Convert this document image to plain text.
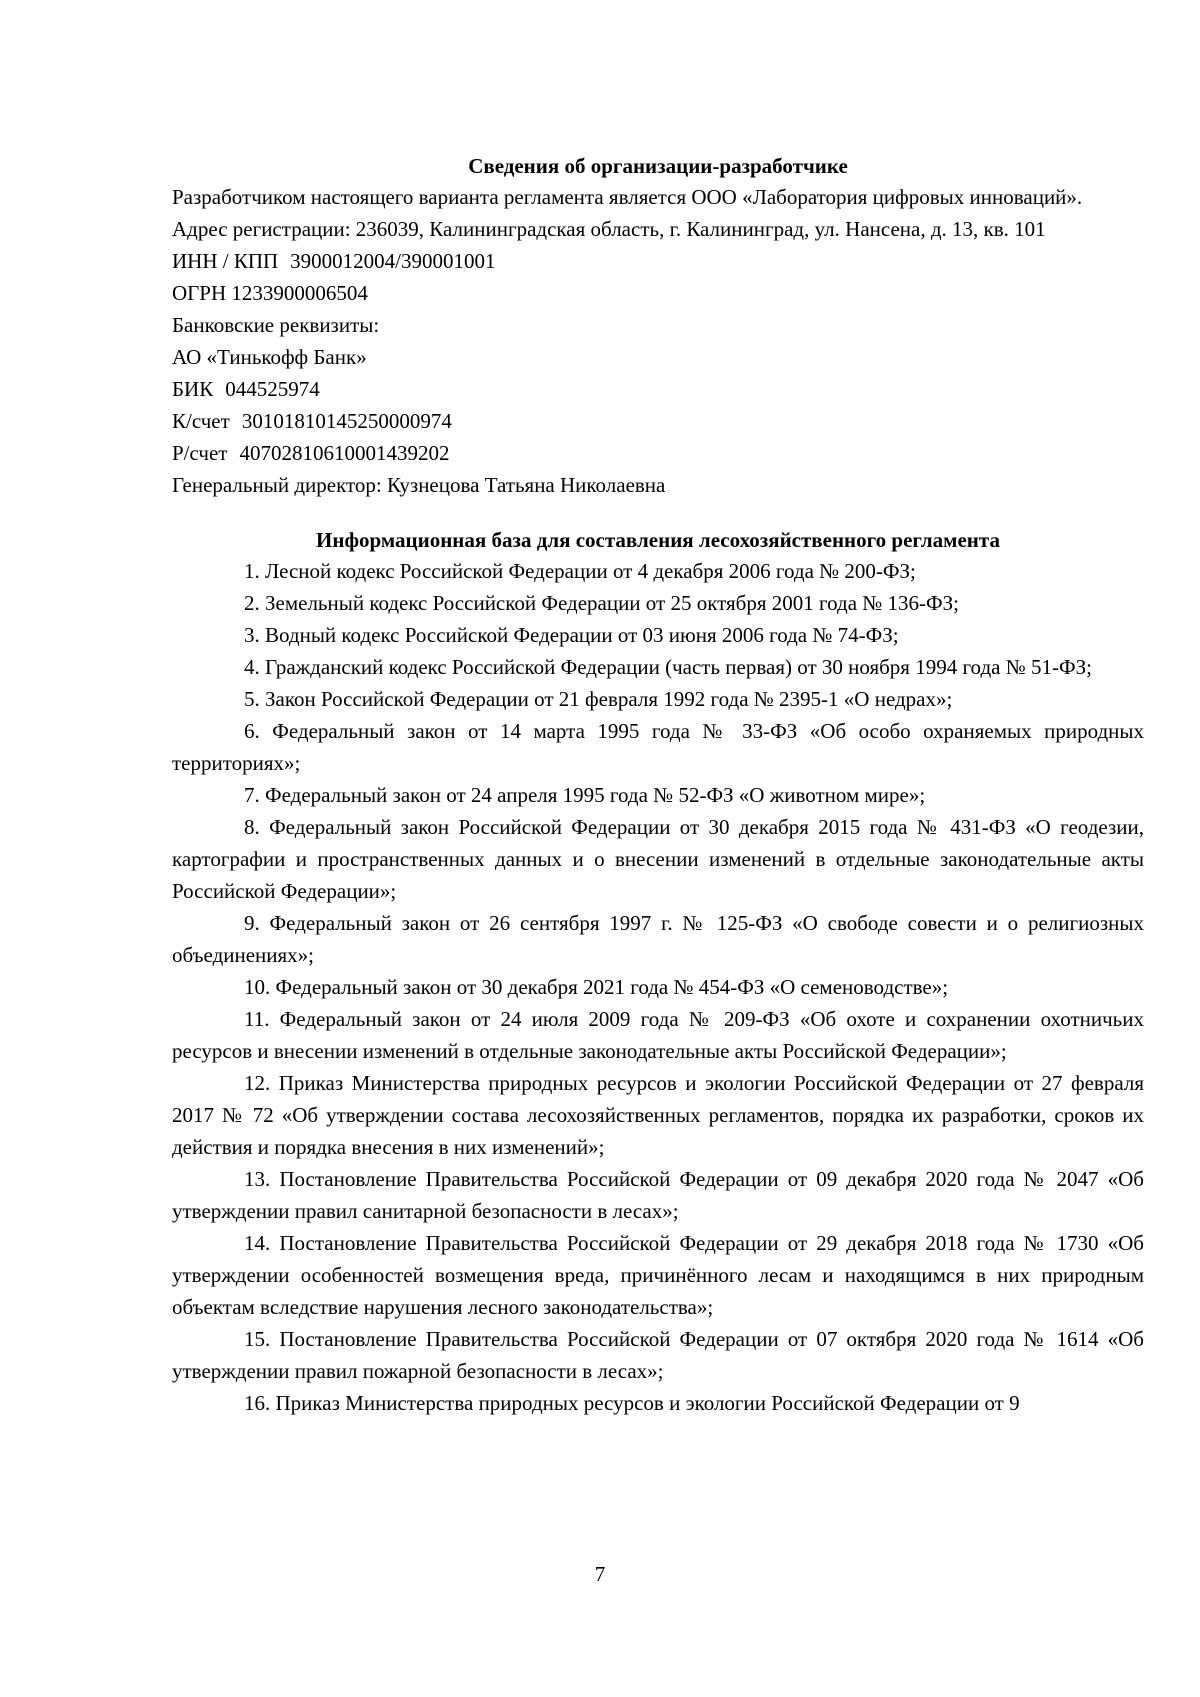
Сведения об организации-разработчике

Разработчиком настоящего варианта регламента является ООО «Лаборатория цифровых инноваций».

Адрес регистрации: 236039, Калининградская область, г. Калининград, ул. Нансена, д. 13, кв. 101

ИНН / КПП 3900012004/390001001

ОГРН 1233900006504

Банковские реквизиты:

АО «Тинькофф Банк»

БИК 044525974
К/счет 30101810145250000974
Р/счет 40702810610001439202

Генеральный директор: Кузнецова Татьяна Николаевна

Информационная база для составления лесохозяйственного регламента

1. Лесной кодекс Российской Федерации от 4 декабря 2006 года № 200-ФЗ;

2. Земельный кодекс Российской Федерации от 25 октября 2001 года № 136-ФЗ;

3. Водный кодекс Российской Федерации от 03 июня 2006 года № 74-ФЗ;

4. Гражданский кодекс Российской Федерации (часть первая) от 30 ноября 1994 года № 51-ФЗ;

5. Закон Российской Федерации от 21 февраля 1992 года № 2395-1 «О недрах»;

6. Федеральный закон от 14 марта 1995 года № 33-ФЗ «Об особо охраняемых природных территориях»;

7. Федеральный закон от 24 апреля 1995 года № 52-ФЗ «О животном мире»;

8. Федеральный закон Российской Федерации от 30 декабря 2015 года № 431-ФЗ «О геодезии, картографии и пространственных данных и о внесении изменений в отдельные законодательные акты Российской Федерации»;

9. Федеральный закон от 26 сентября 1997 г. № 125-ФЗ «О свободе совести и о религиозных объединениях»;

10. Федеральный закон от 30 декабря 2021 года № 454-ФЗ «О семеноводстве»;

11. Федеральный закон от 24 июля 2009 года № 209-ФЗ «Об охоте и сохранении охотничьих ресурсов и внесении изменений в отдельные законодательные акты Российской Федерации»;

12. Приказ Министерства природных ресурсов и экологии Российской Федерации от 27 февраля 2017 № 72 «Об утверждении состава лесохозяйственных регламентов, порядка их разработки, сроков их действия и порядка внесения в них изменений»;

13. Постановление Правительства Российской Федерации от 09 декабря 2020 года № 2047 «Об утверждении правил санитарной безопасности в лесах»;

14. Постановление Правительства Российской Федерации от 29 декабря 2018 года № 1730 «Об утверждении особенностей возмещения вреда, причинённого лесам и находящимся в них природным объектам вследствие нарушения лесного законодательства»;

15. Постановление Правительства Российской Федерации от 07 октября 2020 года № 1614 «Об утверждении правил пожарной безопасности в лесах»;

16. Приказ Министерства природных ресурсов и экологии Российской Федерации от 9

7
